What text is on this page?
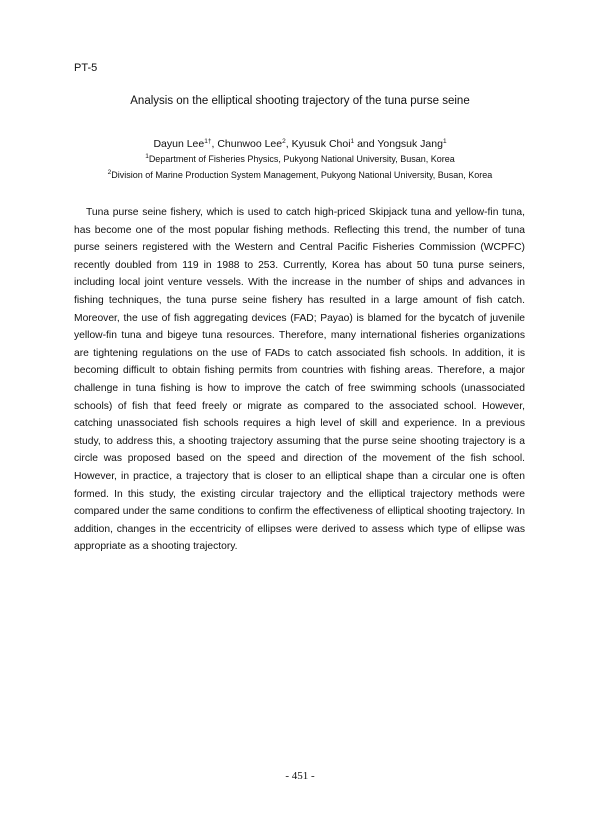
PT-5
Analysis on the elliptical shooting trajectory of the tuna purse seine
Dayun Lee$^{1\dagger}$, Chunwoo Lee$^2$, Kyusuk Choi$^1$ and Yongsuk Jang$^1$
$^1$Department of Fisheries Physics, Pukyong National University, Busan, Korea
$^2$Division of Marine Production System Management, Pukyong National University, Busan, Korea

Tuna purse seine fishery, which is used to catch high-priced Skipjack tuna and yellow-fin tuna, has become one of the most popular fishing methods. Reflecting this trend, the number of tuna purse seiners registered with the Western and Central Pacific Fisheries Commission (WCPFC) recently doubled from 119 in 1988 to 253. Currently, Korea has about 50 tuna purse seiners, including local joint venture vessels. With the increase in the number of ships and advances in fishing techniques, the tuna purse seine fishery has resulted in a large amount of fish catch. Moreover, the use of fish aggregating devices (FAD; Payao) is blamed for the bycatch of juvenile yellow-fin tuna and bigeye tuna resources. Therefore, many international fisheries organizations are tightening regulations on the use of FADs to catch associated fish schools. In addition, it is becoming difficult to obtain fishing permits from countries with fishing areas. Therefore, a major challenge in tuna fishing is how to improve the catch of free swimming schools (unassociated schools) of fish that feed freely or migrate as compared to the associated school. However, catching unassociated fish schools requires a high level of skill and experience. In a previous study, to address this, a shooting trajectory assuming that the purse seine shooting trajectory is a circle was proposed based on the speed and direction of the movement of the fish school. However, in practice, a trajectory that is closer to an elliptical shape than a circular one is often formed. In this study, the existing circular trajectory and the elliptical trajectory methods were compared under the same conditions to confirm the effectiveness of elliptical shooting trajectory. In addition, changes in the eccentricity of ellipses were derived to assess which type of ellipse was appropriate as a shooting trajectory.

- 451 -
